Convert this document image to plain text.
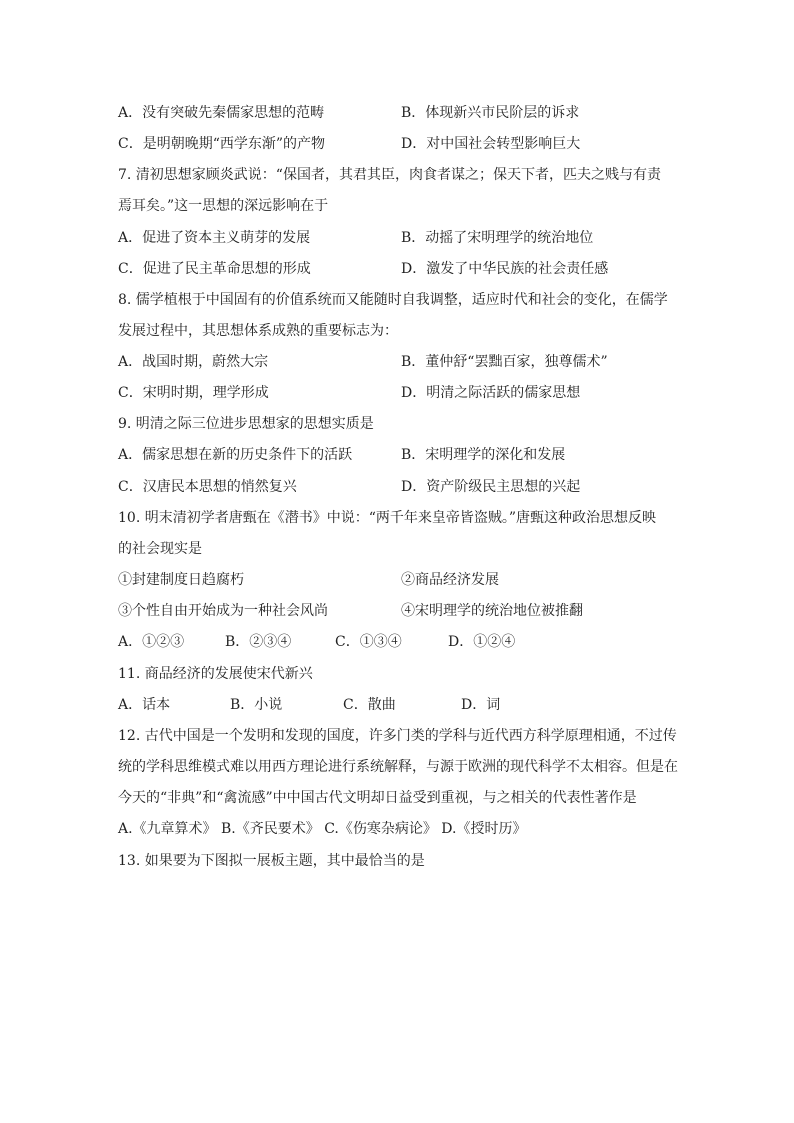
A．没有突破先秦儒家思想的范畴	B．体现新兴市民阶层的诉求
C．是明朝晚期“西学东渐”的产物	D．对中国社会转型影响巨大
7. 清初思想家顾炎武说：“保国者，其君其臣，肉食者谋之；保天下者，匹夫之贱与有责
焉耳矣。”这一思想的深远影响在于
A．促进了资本主义萌芽的发展	B．动摇了宋明理学的统治地位
C．促进了民主革命思想的形成	D．激发了中华民族的社会责任感
8. 儒学植根于中国固有的价值系统而又能随时自我调整，适应时代和社会的变化，在儒学
发展过程中，其思想体系成熟的重要标志为：
A．战国时期，蔚然大宗	B．董仲舒“罢黜百家，独尊儒术”
C．宋明时期，理学形成	D．明清之际活跃的儒家思想
9. 明清之际三位进步思想家的思想实质是
A．儒家思想在新的历史条件下的活跃	B．宋明理学的深化和发展
C．汉唐民本思想的悄然复兴	D．资产阶级民主思想的兴起
10. 明末清初学者唐甄在《潜书》中说：“两千年来皇帝皆盗贼。”唐甄这种政治思想反映
的社会现实是
①封建制度日趋腐朽	②商品经济发展
③个性自由开始成为一种社会风尚	④宋明理学的统治地位被推翻
A．①②③	B．②③④	C．①③④	D．①②④
11. 商品经济的发展使宋代新兴
A．话本	B．小说	C．散曲	D．词
12. 古代中国是一个发明和发现的国度，许多门类的学科与近代西方科学原理相通，不过传
统的学科思维模式难以用西方理论进行系统解释，与源于欧洲的现代科学不太相容。但是在
今天的“非典”和“禽流感”中中国古代文明却日益受到重视，与之相关的代表性著作是
A.《九章算术》 B.《齐民要术》 C.《伤寒杂病论》 D.《授时历》
13. 如果要为下图拟一展板主题，其中最恰当的是
